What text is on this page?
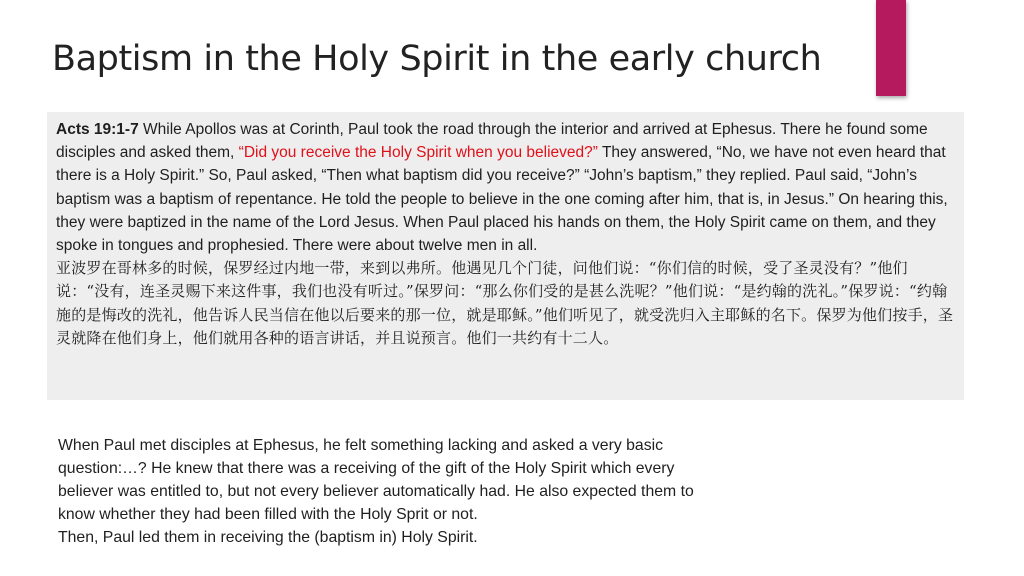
Baptism in the Holy Spirit in the early church

Acts 19:1-7 While Apollos was at Corinth, Paul took the road through the interior and arrived at Ephesus. There he found some disciples and asked them, “Did you receive the Holy Spirit when you believed?” They answered, “No, we have not even heard that there is a Holy Spirit.” So, Paul asked, “Then what baptism did you receive?” “John’s baptism,” they replied. Paul said, “John’s baptism was a baptism of repentance. He told the people to believe in the one coming after him, that is, in Jesus.” On hearing this, they were baptized in the name of the Lord Jesus. When Paul placed his hands on them, the Holy Spirit came on them, and they spoke in tongues and prophesied. There were about twelve men in all.

亚波罗在哥林多的时候，保罗经过内地一带，来到以弗所。他遇见几个门徒，问他们说：“你们信的时候，受了圣灵没有？”他们说：“没有，连圣灵赐下来这件事，我们也没有听过。”保罗问：“那么你们受的是甚么洗呢？”他们说：“是约翰的洗礼。”保罗说：“约翰施的是悔改的洗礼，他告诉人民当信在他以后要来的那一位，就是耶稣。”他们听见了，就受洗归入主耶稣的名下。保罗为他们按手，圣灵就降在他们身上，他们就用各种的语言讲话，并且说预言。他们一共约有十二人。

When Paul met disciples at Ephesus, he felt something lacking and asked a very basic
question:…? He knew that there was a receiving of the gift of the Holy Spirit which every
believer was entitled to, but not every believer automatically had. He also expected them to
know whether they had been filled with the Holy Sprit or not.
Then, Paul led them in receiving the (baptism in) Holy Spirit.
